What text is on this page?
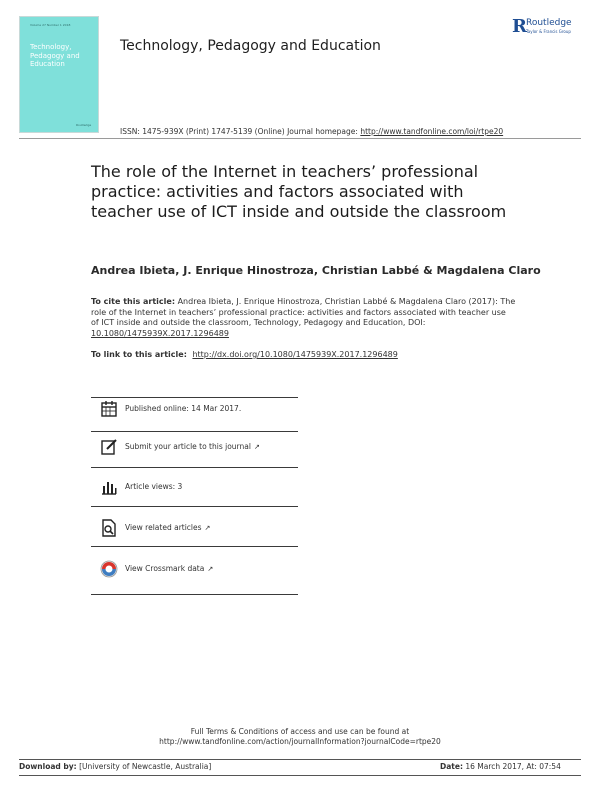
Volume 27 Number 1 2018
Technology, Pedagogy and Education
Routledge
Technology, Pedagogy and Education
R Routledge
Taylor & Francis Group
ISSN: 1475-939X (Print) 1747-5139 (Online) Journal homepage: http://www.tandfonline.com/loi/rtpe20
The role of the Internet in teachers’ professional practice: activities and factors associated with teacher use of ICT inside and outside the classroom
Andrea Ibieta, J. Enrique Hinostroza, Christian Labbé & Magdalena Claro
To cite this article: Andrea Ibieta, J. Enrique Hinostroza, Christian Labbé & Magdalena Claro (2017): The role of the Internet in teachers’ professional practice: activities and factors associated with teacher use of ICT inside and outside the classroom, Technology, Pedagogy and Education, DOI: 10.1080/1475939X.2017.1296489
To link to this article: http://dx.doi.org/10.1080/1475939X.2017.1296489
Published online: 14 Mar 2017.
Submit your article to this journal ↗
Article views: 3
View related articles ↗
View Crossmark data ↗
Full Terms & Conditions of access and use can be found at
http://www.tandfonline.com/action/journalInformation?journalCode=rtpe20
Download by: [University of Newcastle, Australia]	Date: 16 March 2017, At: 07:54
